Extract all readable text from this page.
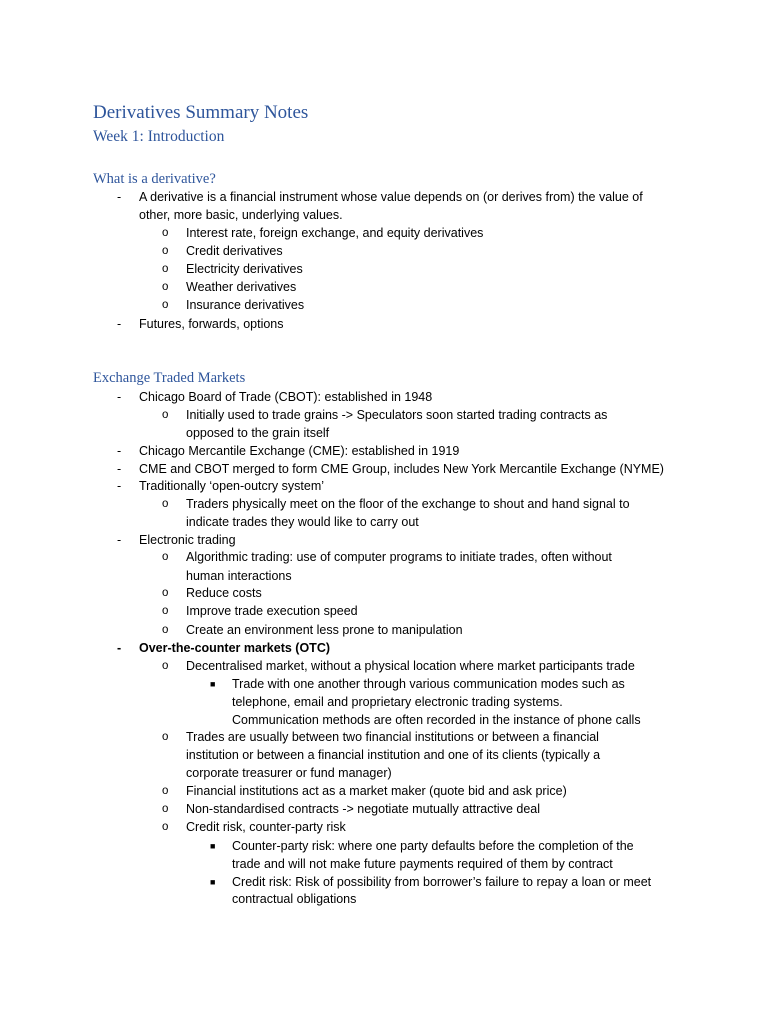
Derivatives Summary Notes
Week 1: Introduction
What is a derivative?
- A derivative is a financial instrument whose value depends on (or derives from) the value of
other, more basic, underlying values.
o Interest rate, foreign exchange, and equity derivatives
o Credit derivatives
o Electricity derivatives
o Weather derivatives
o Insurance derivatives
- Futures, forwards, options
Exchange Traded Markets
- Chicago Board of Trade (CBOT): established in 1948
o Initially used to trade grains -> Speculators soon started trading contracts as
opposed to the grain itself
- Chicago Mercantile Exchange (CME): established in 1919
- CME and CBOT merged to form CME Group, includes New York Mercantile Exchange (NYME)
- Traditionally ‘open-outcry system’
o Traders physically meet on the floor of the exchange to shout and hand signal to
indicate trades they would like to carry out
- Electronic trading
o Algorithmic trading: use of computer programs to initiate trades, often without
human interactions
o Reduce costs
o Improve trade execution speed
o Create an environment less prone to manipulation
- Over-the-counter markets (OTC)
o Decentralised market, without a physical location where market participants trade
■ Trade with one another through various communication modes such as
telephone, email and proprietary electronic trading systems.
Communication methods are often recorded in the instance of phone calls
o Trades are usually between two financial institutions or between a financial
institution or between a financial institution and one of its clients (typically a
corporate treasurer or fund manager)
o Financial institutions act as a market maker (quote bid and ask price)
o Non-standardised contracts -> negotiate mutually attractive deal
o Credit risk, counter-party risk
■ Counter-party risk: where one party defaults before the completion of the
trade and will not make future payments required of them by contract
■ Credit risk: Risk of possibility from borrower’s failure to repay a loan or meet
contractual obligations
